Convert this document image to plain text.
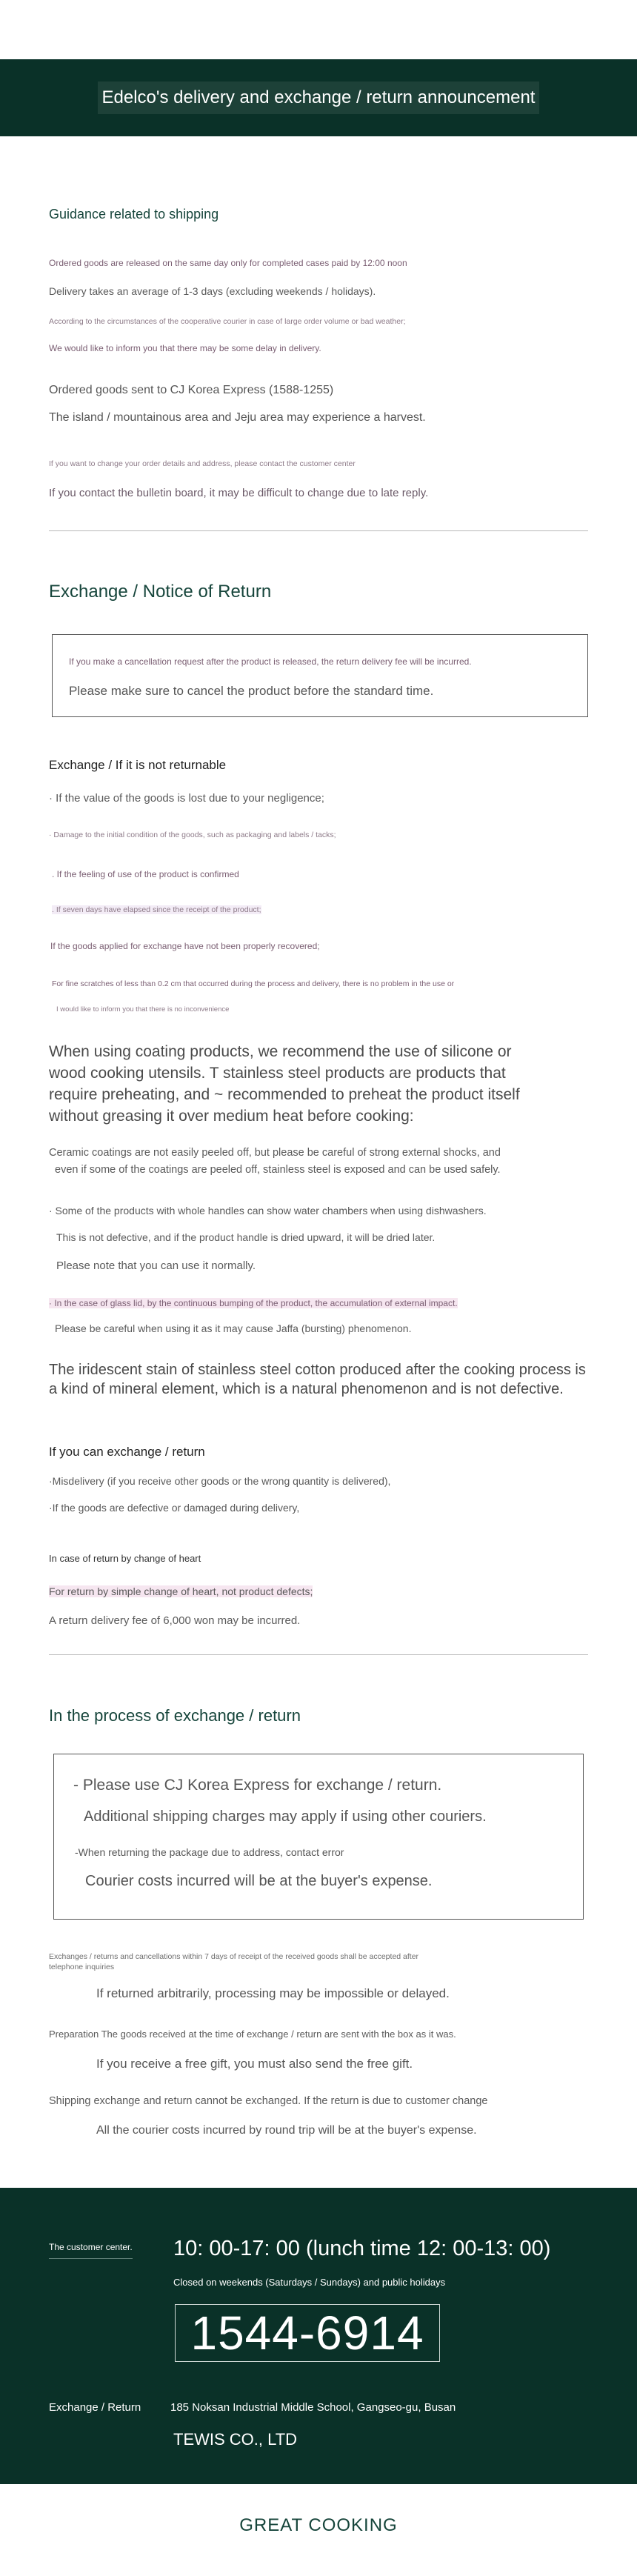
Edelco's delivery and exchange / return announcement
Guidance related to shipping
Ordered goods are released on the same day only for completed cases paid by 12:00 noon
Delivery takes an average of 1-3 days (excluding weekends / holidays).
According to the circumstances of the cooperative courier in case of large order volume or bad weather;
We would like to inform you that there may be some delay in delivery.
Ordered goods sent to CJ Korea Express (1588-1255)
The island / mountainous area and Jeju area may experience a harvest.
If you want to change your order details and address, please contact the customer center
If you contact the bulletin board, it may be difficult to change due to late reply.
Exchange / Notice of Return
If you make a cancellation request after the product is released, the return delivery fee will be incurred.
Please make sure to cancel the product before the standard time.
Exchange / If it is not returnable
· If the value of the goods is lost due to your negligence;
· Damage to the initial condition of the goods, such as packaging and labels / tacks;
. If the feeling of use of the product is confirmed
. If seven days have elapsed since the receipt of the product;
If the goods applied for exchange have not been properly recovered;
For fine scratches of less than 0.2 cm that occurred during the process and delivery, there is no problem in the use or
I would like to inform you that there is no inconvenience
When using coating products, we recommend the use of silicone or wood cooking utensils. T stainless steel products are products that require preheating, and ~ recommended to preheat the product itself without greasing it over medium heat before cooking:
Ceramic coatings are not easily peeled off, but please be careful of strong external shocks, and
even if some of the coatings are peeled off, stainless steel is exposed and can be used safely.
· Some of the products with whole handles can show water chambers when using dishwashers.
This is not defective, and if the product handle is dried upward, it will be dried later.
Please note that you can use it normally.
· In the case of glass lid, by the continuous bumping of the product, the accumulation of external impact.
Please be careful when using it as it may cause Jaffa (bursting) phenomenon.
The iridescent stain of stainless steel cotton produced after the cooking process is a kind of mineral element, which is a natural phenomenon and is not defective.
If you can exchange / return
·Misdelivery (if you receive other goods or the wrong quantity is delivered),
·If the goods are defective or damaged during delivery,
In case of return by change of heart
For return by simple change of heart, not product defects;
A return delivery fee of 6,000 won may be incurred.
In the process of exchange / return
- Please use CJ Korea Express for exchange / return.
Additional shipping charges may apply if using other couriers.
-When returning the package due to address, contact error
Courier costs incurred will be at the buyer's expense.
Exchanges / returns and cancellations within 7 days of receipt of the received goods shall be accepted after
telephone inquiries
If returned arbitrarily, processing may be impossible or delayed.
Preparation The goods received at the time of exchange / return are sent with the box as it was.
If you receive a free gift, you must also send the free gift.
Shipping exchange and return cannot be exchanged. If the return is due to customer change
All the courier costs incurred by round trip will be at the buyer's expense.
The customer center. 10: 00-17: 00 (lunch time 12: 00-13: 00)
Closed on weekends (Saturdays / Sundays) and public holidays
Exchange / Return	185 Noksan Industrial Middle School, Gangseo-gu, Busan
TEWIS CO., LTD
1544-6914
GREAT COOKING
